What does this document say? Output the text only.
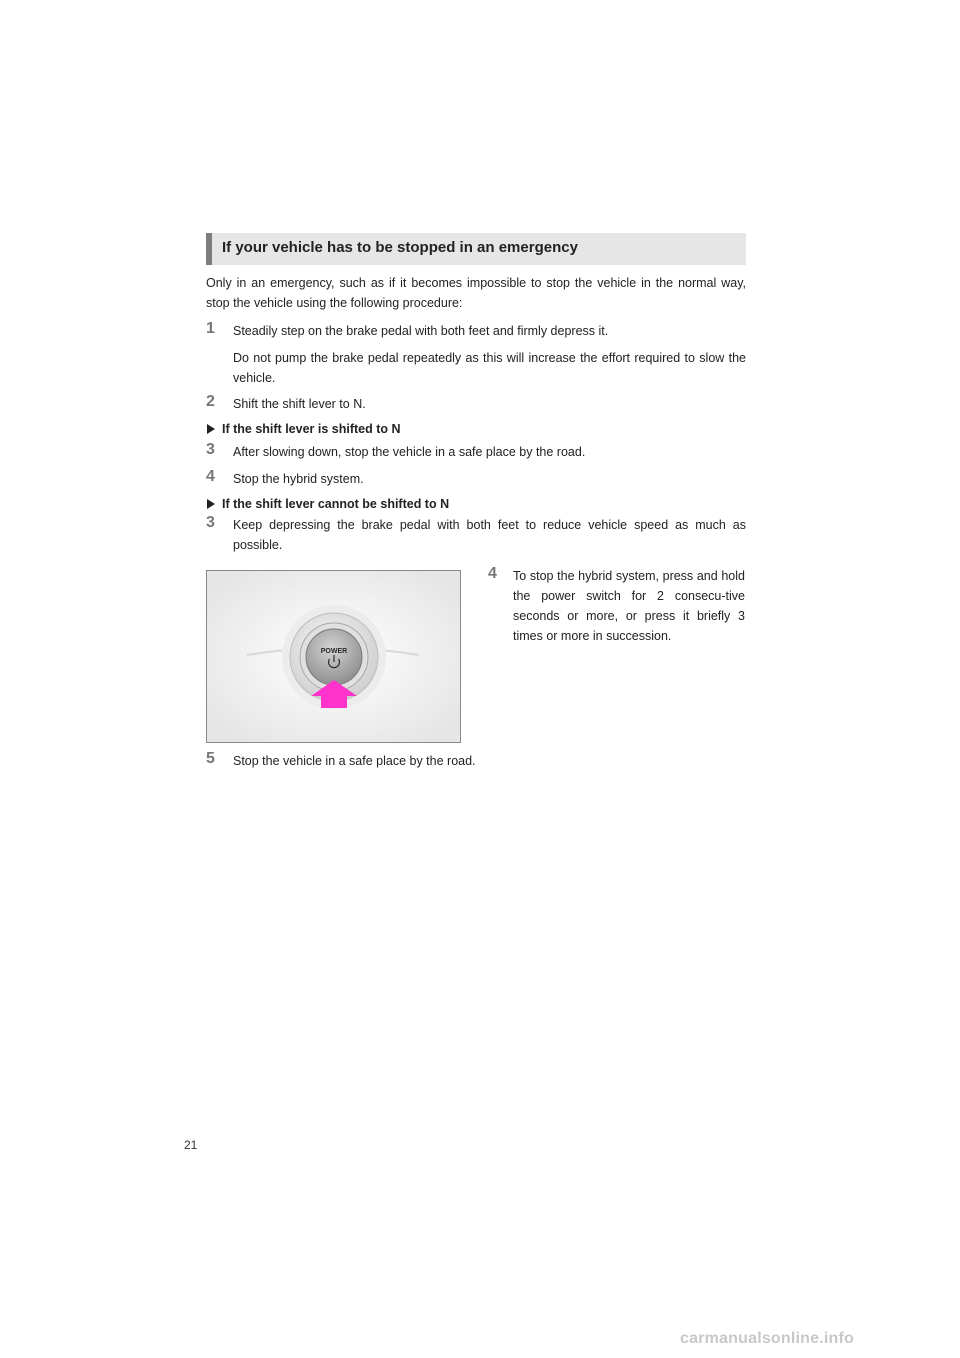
If your vehicle has to be stopped in an emergency
Only in an emergency, such as if it becomes impossible to stop the vehicle in the normal way, stop the vehicle using the following procedure:
1 Steadily step on the brake pedal with both feet and firmly depress it.
Do not pump the brake pedal repeatedly as this will increase the effort required to slow the vehicle.
2 Shift the shift lever to N.
If the shift lever is shifted to N
3 After slowing down, stop the vehicle in a safe place by the road.
4 Stop the hybrid system.
If the shift lever cannot be shifted to N
3 Keep depressing the brake pedal with both feet to reduce vehicle speed as much as possible.
POWER
4 To stop the hybrid system, press and hold the power switch for 2 consecu-tive seconds or more, or press it briefly 3 times or more in succession.
5 Stop the vehicle in a safe place by the road.
21
carmanualsonline.info
